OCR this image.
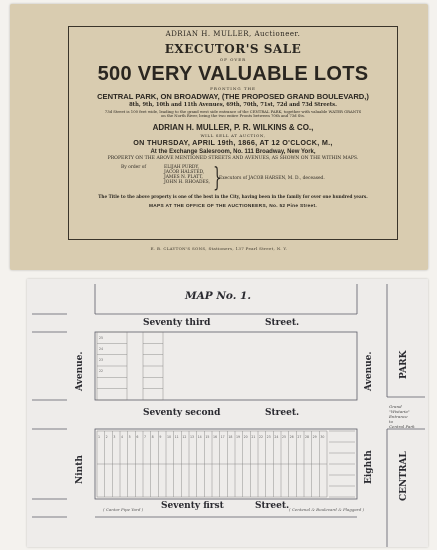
ADRIAN H. MULLER, Auctioneer.
EXECUTOR'S SALE
OF OVER
500 VERY VALUABLE LOTS
FRONTING THE
CENTRAL PARK, ON BROADWAY, (THE PROPOSED GRAND BOULEVARD,)
8th, 9th, 10th and 11th Avenues, 69th, 70th, 71st, 72d and 73d Streets.
73d Street is 100 feet wide, leading to the grand west side entrance of the CENTRAL PARK, together with valuable WATER GRANTS
on the North River, being the two entire Fronts between 70th and 73d Sts.
ADRIAN H. MULLER, P. R. WILKINS & CO.,
WILL SELL AT AUCTION,
ON THURSDAY, APRIL 19th, 1866, AT 12 O'CLOCK, M.,
At the Exchange Salesroom, No. 111 Broadway, New York,
PROPERTY ON THE ABOVE MENTIONED STREETS AND AVENUES, AS SHOWN ON THE WITHIN MAPS.
By order of	ELIJAH PURDY,
JACOB HALSTED,
JAMES N. PLATT,
JOHN H. RHOADES, }
Executors of JACOB HARSEN, M. D., deceased.
The Title to the above property is one of the best in the City, having been in the family for over one hundred years.
MAPS AT THE OFFICE OF THE AUCTIONEERS, No. 52 Pine Street.
E. B. CLAYTON'S SONS, Stationers, 137 Pearl Street, N. Y.
1 2 3 4 5 6 7 8 9 10 11 12 13 14 15 16 17 18 19 20 21 22 23 24 25 26 27 28 29 30
25
24
23
22
MAP No. 1.
Seventy third	Street.
Seventy second	Street.
Seventy first	Street.
Avenue.
Ninth
Avenue.
Eighth
PARK
CENTRAL
Grand
"Wistaria"
Entrance
to
Central Park
( Cantor Pipe Yard )	( Centenal & Boulevard & Plaggard )
